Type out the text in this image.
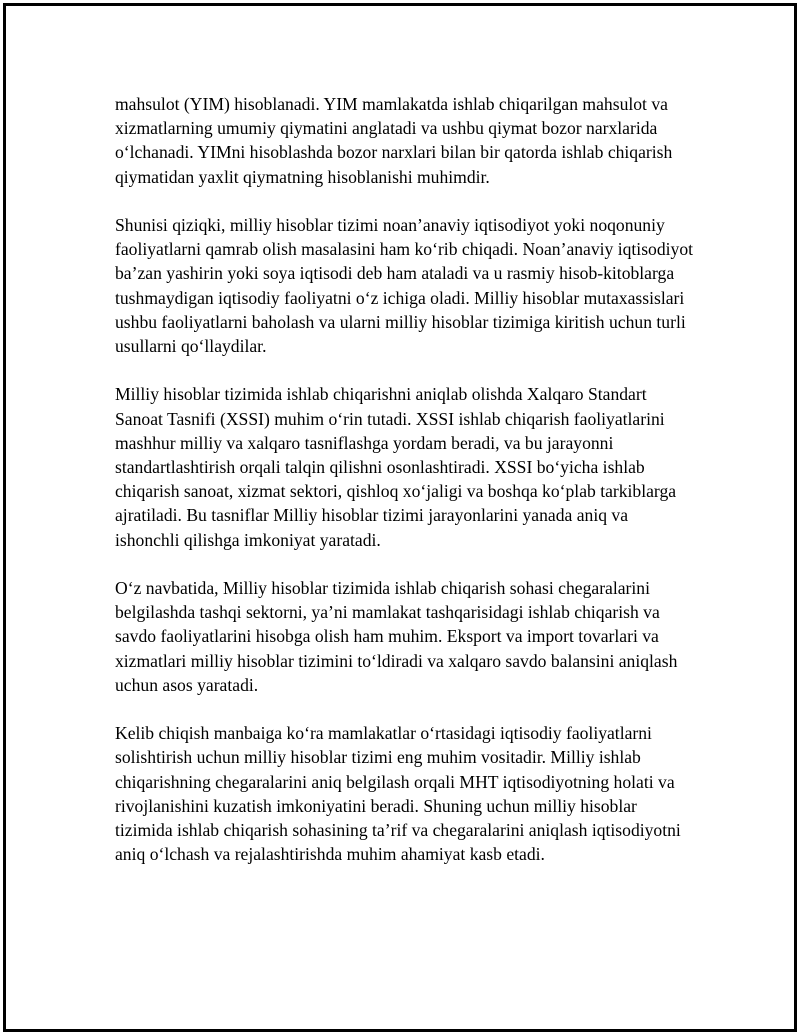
mahsulot (YIM) hisoblanadi. YIM mamlakatda ishlab chiqarilgan mahsulot va xizmatlarning umumiy qiymatini anglatadi va ushbu qiymat bozor narxlarida o‘lchanadi. YIMni hisoblashda bozor narxlari bilan bir qatorda ishlab chiqarish qiymatidan yaxlit qiymatning hisoblanishi muhimdir.

Shunisi qiziqki, milliy hisoblar tizimi noan’anaviy iqtisodiyot yoki noqonuniy faoliyatlarni qamrab olish masalasini ham ko‘rib chiqadi. Noan’anaviy iqtisodiyot ba’zan yashirin yoki soya iqtisodi deb ham ataladi va u rasmiy hisob-kitoblarga tushmaydigan iqtisodiy faoliyatni o‘z ichiga oladi. Milliy hisoblar mutaxassislari ushbu faoliyatlarni baholash va ularni milliy hisoblar tizimiga kiritish uchun turli usullarni qo‘llaydilar.

Milliy hisoblar tizimida ishlab chiqarishni aniqlab olishda Xalqaro Standart Sanoat Tasnifi (XSSI) muhim o‘rin tutadi. XSSI ishlab chiqarish faoliyatlarini mashhur milliy va xalqaro tasniflashga yordam beradi, va bu jarayonni standartlashtirish orqali talqin qilishni osonlashtiradi. XSSI bo‘yicha ishlab chiqarish sanoat, xizmat sektori, qishloq xo‘jaligi va boshqa ko‘plab tarkiblarga ajratiladi. Bu tasniflar Milliy hisoblar tizimi jarayonlarini yanada aniq va ishonchli qilishga imkoniyat yaratadi.

O‘z navbatida, Milliy hisoblar tizimida ishlab chiqarish sohasi chegaralarini belgilashda tashqi sektorni, ya’ni mamlakat tashqarisidagi ishlab chiqarish va savdo faoliyatlarini hisobga olish ham muhim. Eksport va import tovarlari va xizmatlari milliy hisoblar tizimini to‘ldiradi va xalqaro savdo balansini aniqlash uchun asos yaratadi.

Kelib chiqish manbaiga ko‘ra mamlakatlar o‘rtasidagi iqtisodiy faoliyatlarni solishtirish uchun milliy hisoblar tizimi eng muhim vositadir. Milliy ishlab chiqarishning chegaralarini aniq belgilash orqali MHT iqtisodiyotning holati va rivojlanishini kuzatish imkoniyatini beradi. Shuning uchun milliy hisoblar tizimida ishlab chiqarish sohasining ta’rif va chegaralarini aniqlash iqtisodiyotni aniq o‘lchash va rejalashtirishda muhim ahamiyat kasb etadi.
